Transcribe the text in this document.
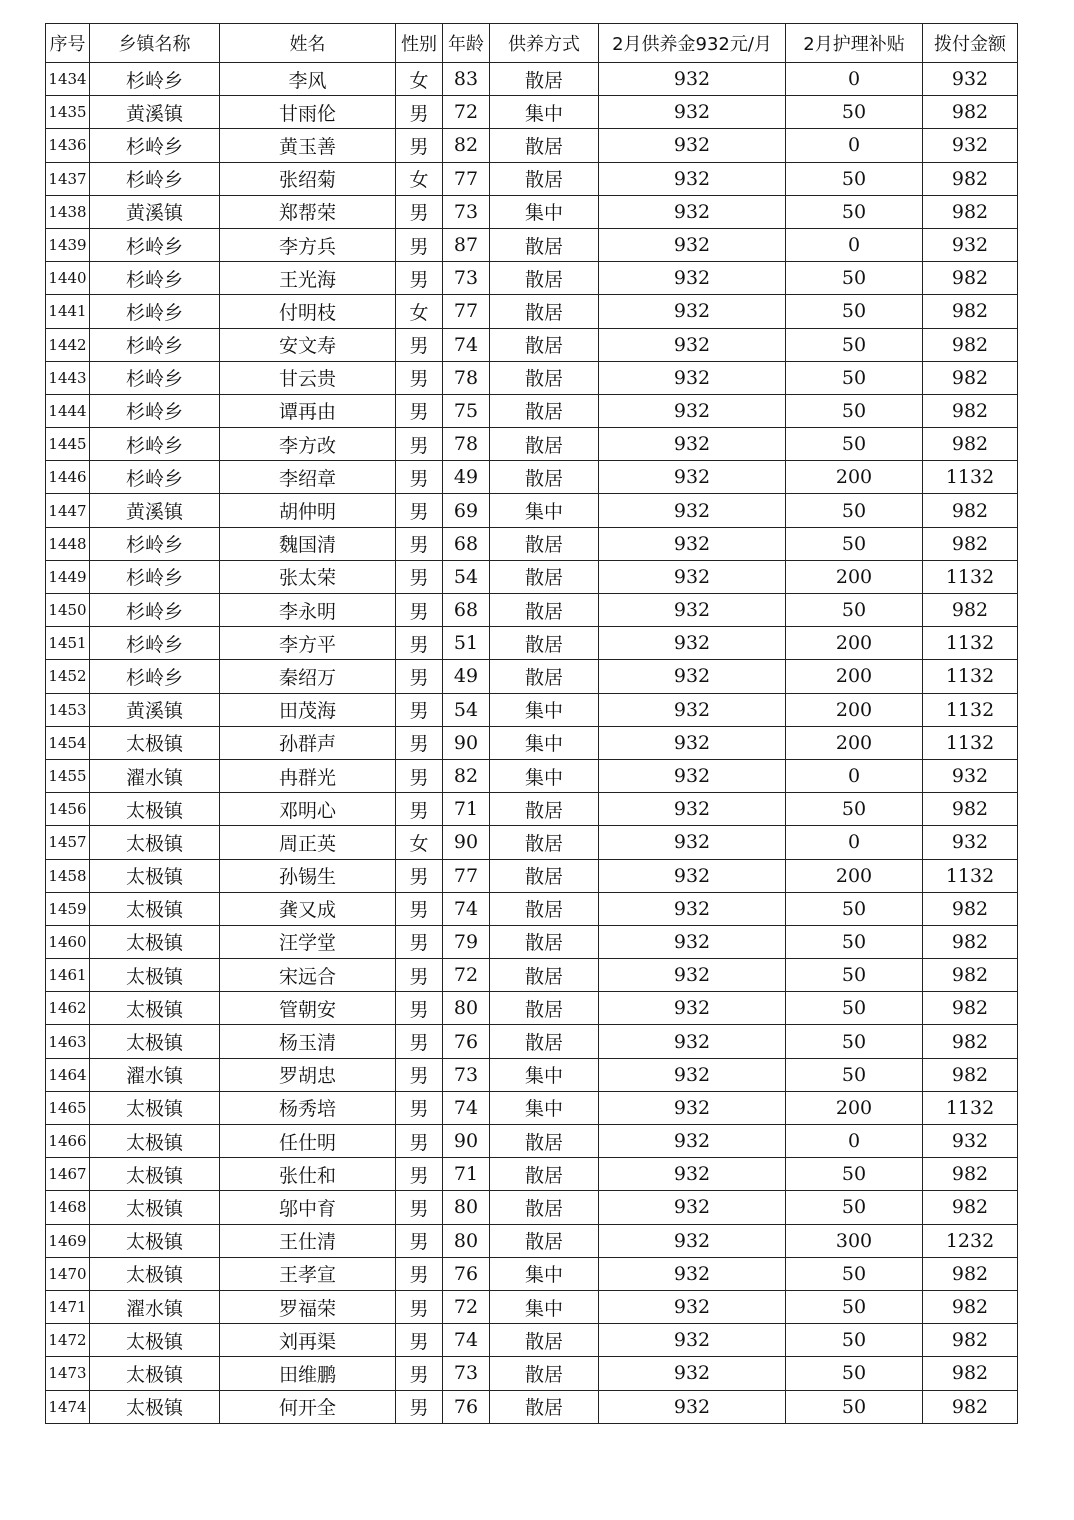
序号	乡镇名称	姓名	性别	年龄	供养方式	2月供养金932元/月	2月护理补贴	拨付金额
1434	杉岭乡	李风	女	83	散居	932	0	932
1435	黄溪镇	甘雨伦	男	72	集中	932	50	982
1436	杉岭乡	黄玉善	男	82	散居	932	0	932
1437	杉岭乡	张绍菊	女	77	散居	932	50	982
1438	黄溪镇	郑帮荣	男	73	集中	932	50	982
1439	杉岭乡	李方兵	男	87	散居	932	0	932
1440	杉岭乡	王光海	男	73	散居	932	50	982
1441	杉岭乡	付明枝	女	77	散居	932	50	982
1442	杉岭乡	安文寿	男	74	散居	932	50	982
1443	杉岭乡	甘云贵	男	78	散居	932	50	982
1444	杉岭乡	谭再由	男	75	散居	932	50	982
1445	杉岭乡	李方改	男	78	散居	932	50	982
1446	杉岭乡	李绍章	男	49	散居	932	200	1132
1447	黄溪镇	胡仲明	男	69	集中	932	50	982
1448	杉岭乡	魏国清	男	68	散居	932	50	982
1449	杉岭乡	张太荣	男	54	散居	932	200	1132
1450	杉岭乡	李永明	男	68	散居	932	50	982
1451	杉岭乡	李方平	男	51	散居	932	200	1132
1452	杉岭乡	秦绍万	男	49	散居	932	200	1132
1453	黄溪镇	田茂海	男	54	集中	932	200	1132
1454	太极镇	孙群声	男	90	集中	932	200	1132
1455	濯水镇	冉群光	男	82	集中	932	0	932
1456	太极镇	邓明心	男	71	散居	932	50	982
1457	太极镇	周正英	女	90	散居	932	0	932
1458	太极镇	孙锡生	男	77	散居	932	200	1132
1459	太极镇	龚又成	男	74	散居	932	50	982
1460	太极镇	汪学堂	男	79	散居	932	50	982
1461	太极镇	宋远合	男	72	散居	932	50	982
1462	太极镇	管朝安	男	80	散居	932	50	982
1463	太极镇	杨玉清	男	76	散居	932	50	982
1464	濯水镇	罗胡忠	男	73	集中	932	50	982
1465	太极镇	杨秀培	男	74	集中	932	200	1132
1466	太极镇	任仕明	男	90	散居	932	0	932
1467	太极镇	张仕和	男	71	散居	932	50	982
1468	太极镇	邬中育	男	80	散居	932	50	982
1469	太极镇	王仕清	男	80	散居	932	300	1232
1470	太极镇	王孝宣	男	76	集中	932	50	982
1471	濯水镇	罗福荣	男	72	集中	932	50	982
1472	太极镇	刘再渠	男	74	散居	932	50	982
1473	太极镇	田维鹏	男	73	散居	932	50	982
1474	太极镇	何开全	男	76	散居	932	50	982
